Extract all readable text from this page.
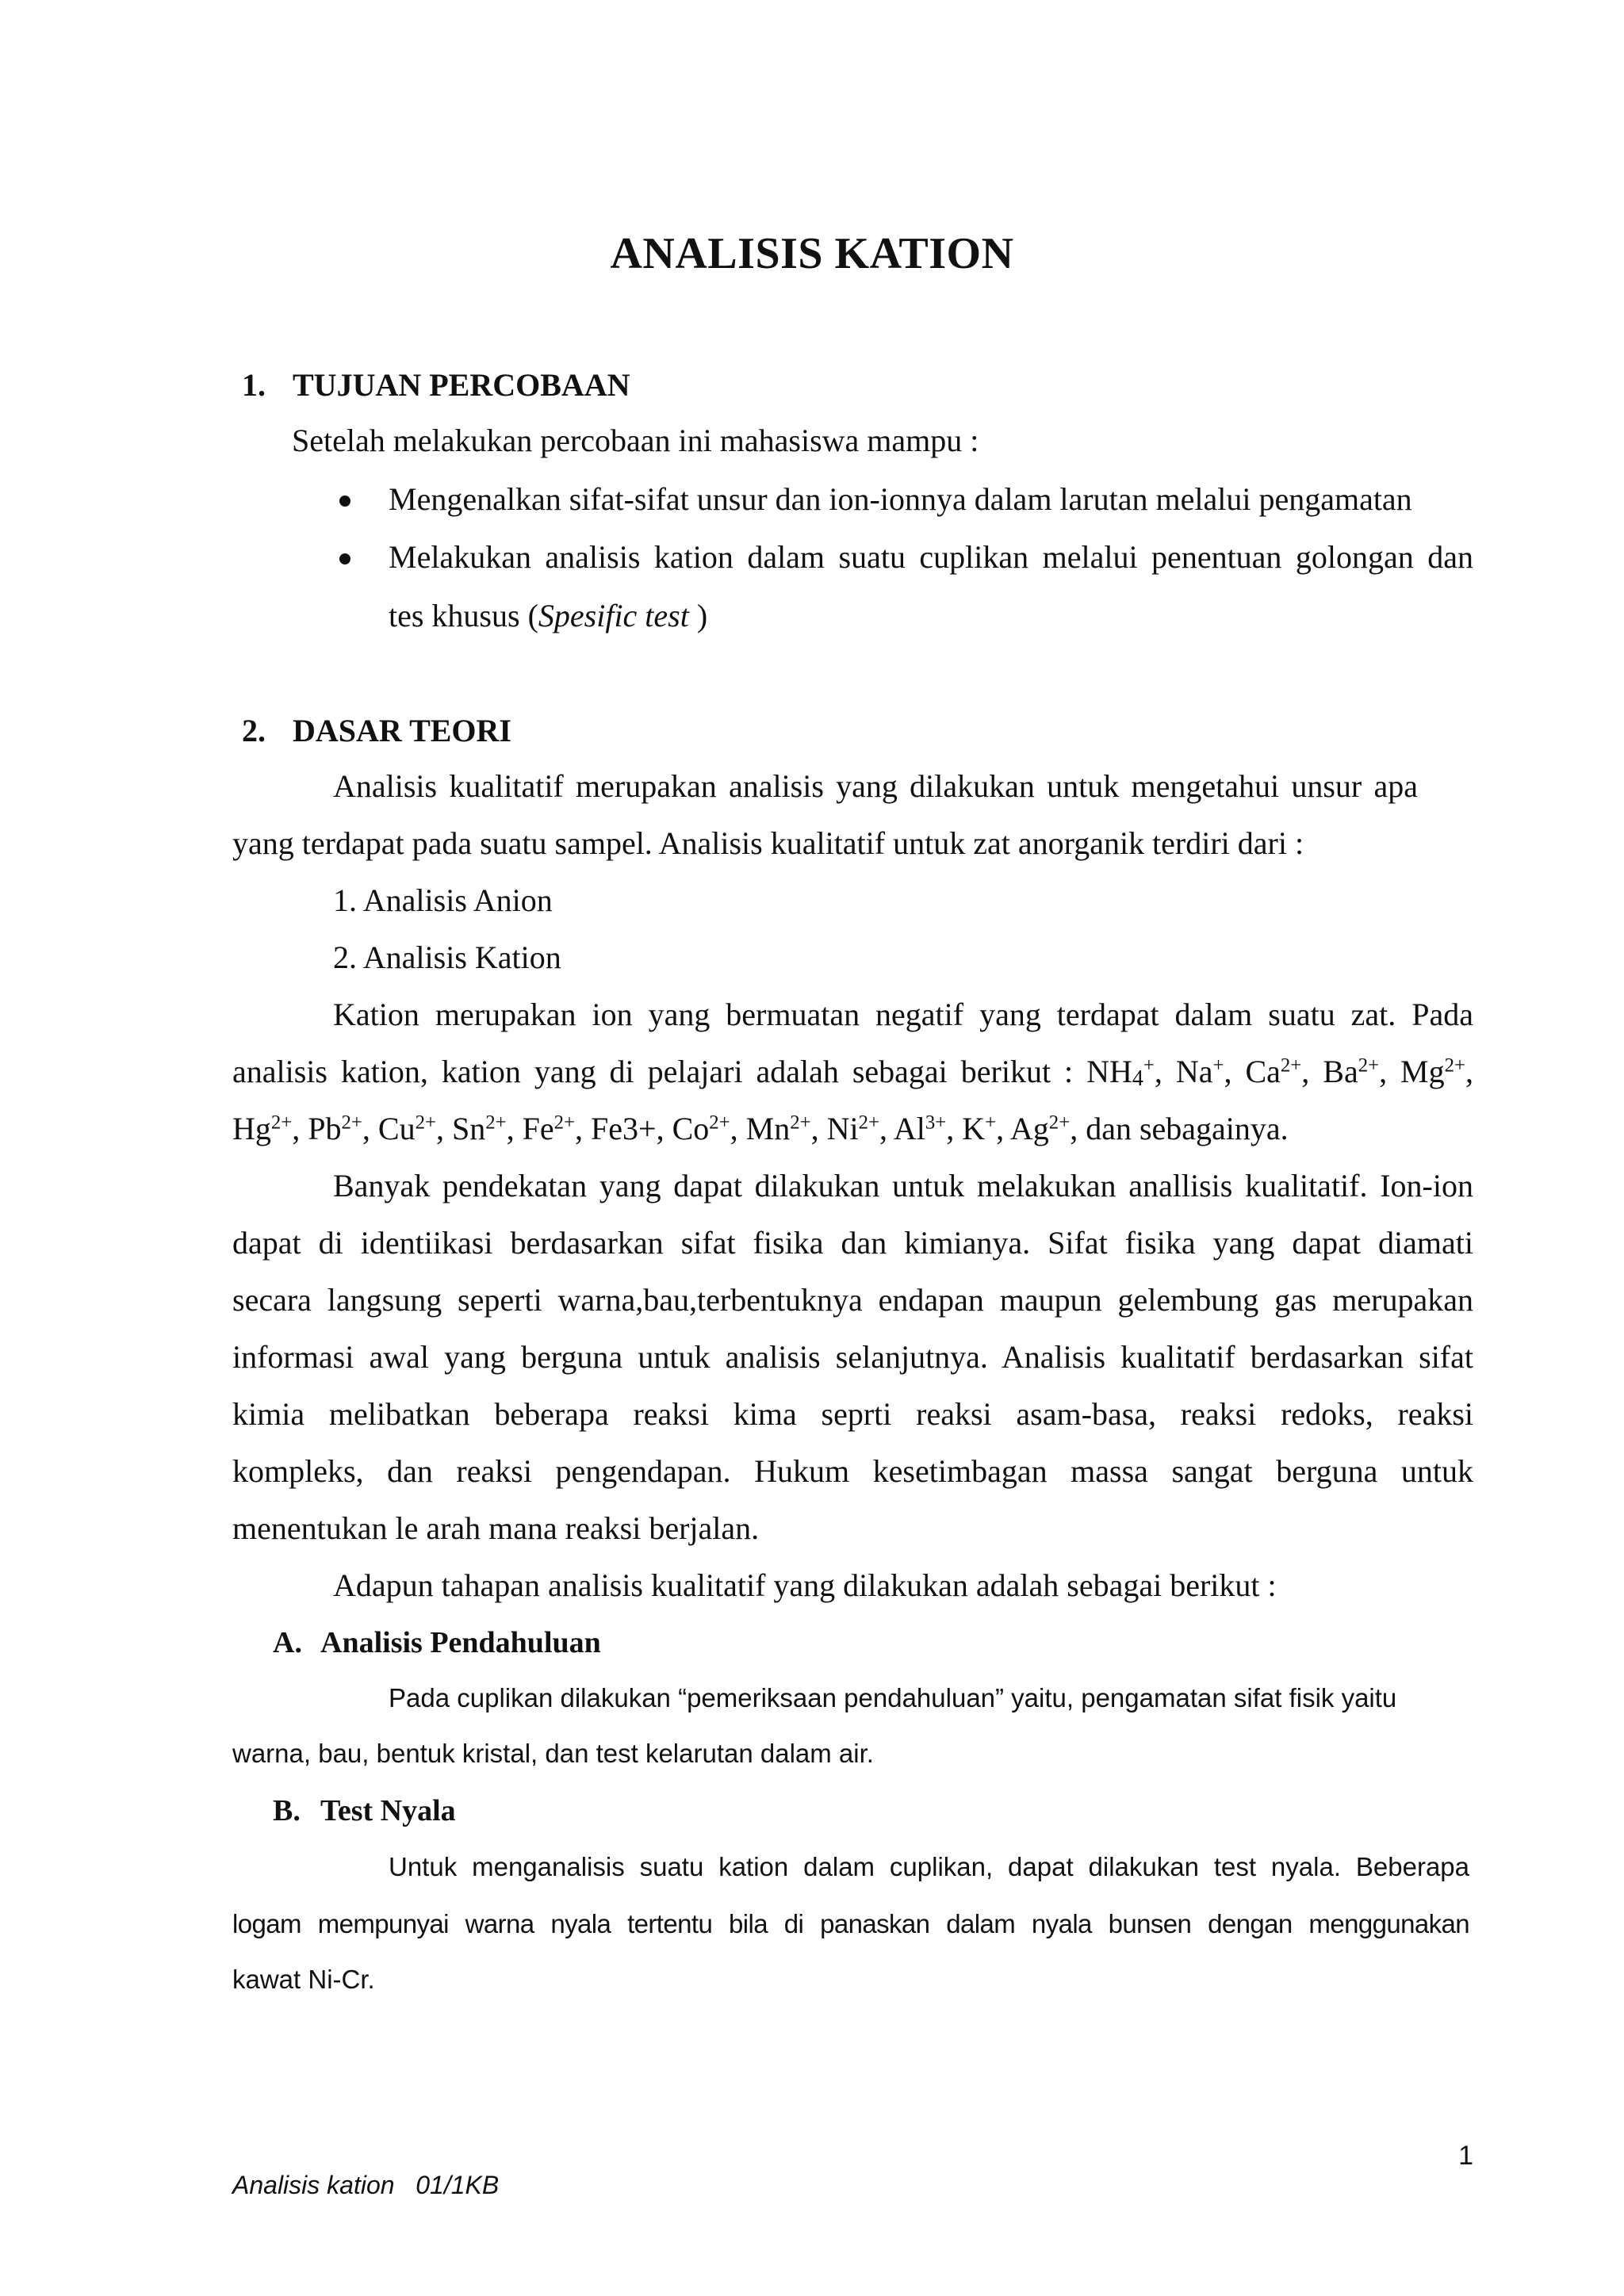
ANALISIS KATION
1. TUJUAN PERCOBAAN
Setelah melakukan percobaan ini mahasiswa mampu :
Mengenalkan sifat-sifat unsur dan ion-ionnya dalam larutan melalui pengamatan
Melakukan analisis kation dalam suatu cuplikan melalui penentuan golongan dan
tes khusus (Spesific test )
2. DASAR TEORI
Analisis kualitatif merupakan analisis yang dilakukan untuk mengetahui unsur apa
yang terdapat pada suatu sampel. Analisis kualitatif untuk zat anorganik terdiri dari :
1. Analisis Anion
2. Analisis Kation
Kation merupakan ion yang bermuatan negatif yang terdapat dalam suatu zat. Pada
analisis kation, kation yang di pelajari adalah sebagai berikut : $NH_4^+$, Na+, $Ca^{2+}$, $Ba^{2+}$, $Mg^{2+}$,
$Hg^{2+}$, $Pb^{2+}$, $Cu^{2+}$, $Sn^{2+}$, $Fe^{2+}$, Fe3+, $Co^{2+}$, $Mn^{2+}$, $Ni^{2+}$, $Al^{3+}$, K+, $Ag^{2+}$, dan sebagainya.
Banyak pendekatan yang dapat dilakukan untuk melakukan anallisis kualitatif. Ion-ion
dapat di identiikasi berdasarkan sifat fisika dan kimianya. Sifat fisika yang dapat diamati
secara langsung seperti warna,bau,terbentuknya endapan maupun gelembung gas merupakan
informasi awal yang berguna untuk analisis selanjutnya. Analisis kualitatif berdasarkan sifat
kimia melibatkan beberapa reaksi kima seprti reaksi asam-basa, reaksi redoks, reaksi
kompleks, dan reaksi pengendapan. Hukum kesetimbagan massa sangat berguna untuk
menentukan le arah mana reaksi berjalan.
Adapun tahapan analisis kualitatif yang dilakukan adalah sebagai berikut :
A. Analisis Pendahuluan
Pada cuplikan dilakukan “pemeriksaan pendahuluan” yaitu, pengamatan sifat fisik yaitu
warna, bau, bentuk kristal, dan test kelarutan dalam air.
B. Test Nyala
Untuk menganalisis suatu kation dalam cuplikan, dapat dilakukan test nyala. Beberapa
logam mempunyai warna nyala tertentu bila di panaskan dalam nyala bunsen dengan menggunakan
kawat Ni-Cr.
1
Analisis kation   01/1KB
